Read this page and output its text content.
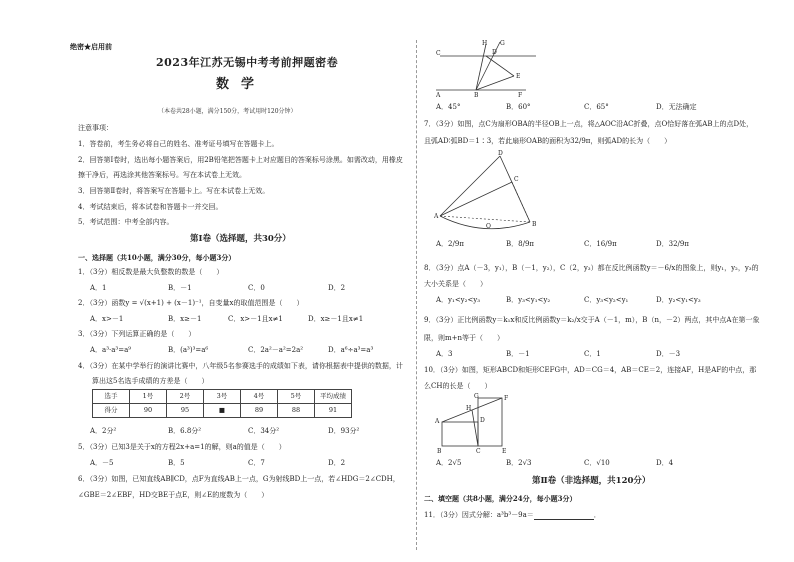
绝密★启用前
2023年江苏无锡中考考前押题密卷
数学
（本卷共28小题，满分150分，考试用时120分钟）
注意事项：
1．答卷前，考生务必将自己的姓名、准考证号填写在答题卡上。
2．回答第Ⅰ卷时，选出每小题答案后，用2B铅笔把答题卡上对应题目的答案标号涂黑。如需改动，用橡皮
擦干净后，再选涂其他答案标号。写在本试卷上无效。
3．回答第Ⅱ卷时，将答案写在答题卡上。写在本试卷上无效。
4．考试结束后，将本试卷和答题卡一并交回。
5．考试范围：中考全部内容。
第Ⅰ卷（选择题，共30分）
一、选择题（共10小题，满分30分，每小题3分）
1．（3分）相反数是最大负整数的数是（　　）
A．1	B．－1	C．0	D．2
2．（3分）函数y = √(x+1) + (x－1)⁻¹，自变量x的取值范围是（　　）
A．x>－1	B．x≥－1	C．x>－1且x≠1	D．x≥－1且x≠1
3．（3分）下列运算正确的是（　　）
A．a³·a³=a⁹	B．(a³)³=a⁶	C．2a²－a²=2a²	D．a⁶÷a³=a³
4．（3分）在某中学举行的演讲比赛中，八年级5名参赛选手的成绩如下表，请你根据表中提供的数据，计
算出这5名选手成绩的方差是（　　）
选手	1号	2号	3号	4号	5号	平均成绩
得分	90	95	■	89	88	91
A．2分²	B．6.8分²	C．34分²	D．93分²
5．（3分）已知3是关于x的方程2x+a=1的解，则a的值是（　　）
A．－5	B．5	C．7	D．2
6．（3分）如图，已知直线AB∥CD，点F为直线AB上一点，G为射线BD上一点，若∠HDG＝2∠CDH，
∠GBE＝2∠EBF，HD交BE于点E，则∠E的度数为（　　）
H G
C	D
E
A	B	F
A．45°	B．60°	C．65°	D．无法确定
7．（3分）如图，点C为扇形OBA的半径OB上一点，将△AOC沿AC折叠，点O恰好落在弧AB上的点D处，
且弧AD∶弧BD＝1∶3，若此扇形OAB的面积为32/9π，则弧AD的长为（　　）
D
C
A
O	B
A．2/9π	B．8/9π	C．16/9π	D．32/9π
8．（3分）点A（－3，y₁），B（－1，y₂），C（2，y₃）都在反比例函数y＝－6/x的图象上，则y₁，y₂，y₃的
大小关系是（　　）
A．y₁<y₂<y₃	B．y₃<y₁<y₂	C．y₃<y₂<y₁	D．y₂<y₁<y₃
9．（3分）正比例函数y＝k₁x和反比例函数y＝k₂/x交于A（－1，m），B（n，－2）两点，其中点A在第一象
限，则m+n等于（　　）
A．3	B．－1	C．1	D．－3
10．（3分）如图，矩形ABCD和矩形CEFG中，AD＝CG＝4，AB＝CE＝2，连接AF，H是AF的中点，那
么CH的长是（　　）
G	F
A
H
D
B	C	E
A．2√5	B．2√3	C．√10	D．4
第Ⅱ卷（非选择题，共120分）
二、填空题（共8小题，满分24分，每小题3分）
11．（3分）因式分解：a³b³－9a＝	．
